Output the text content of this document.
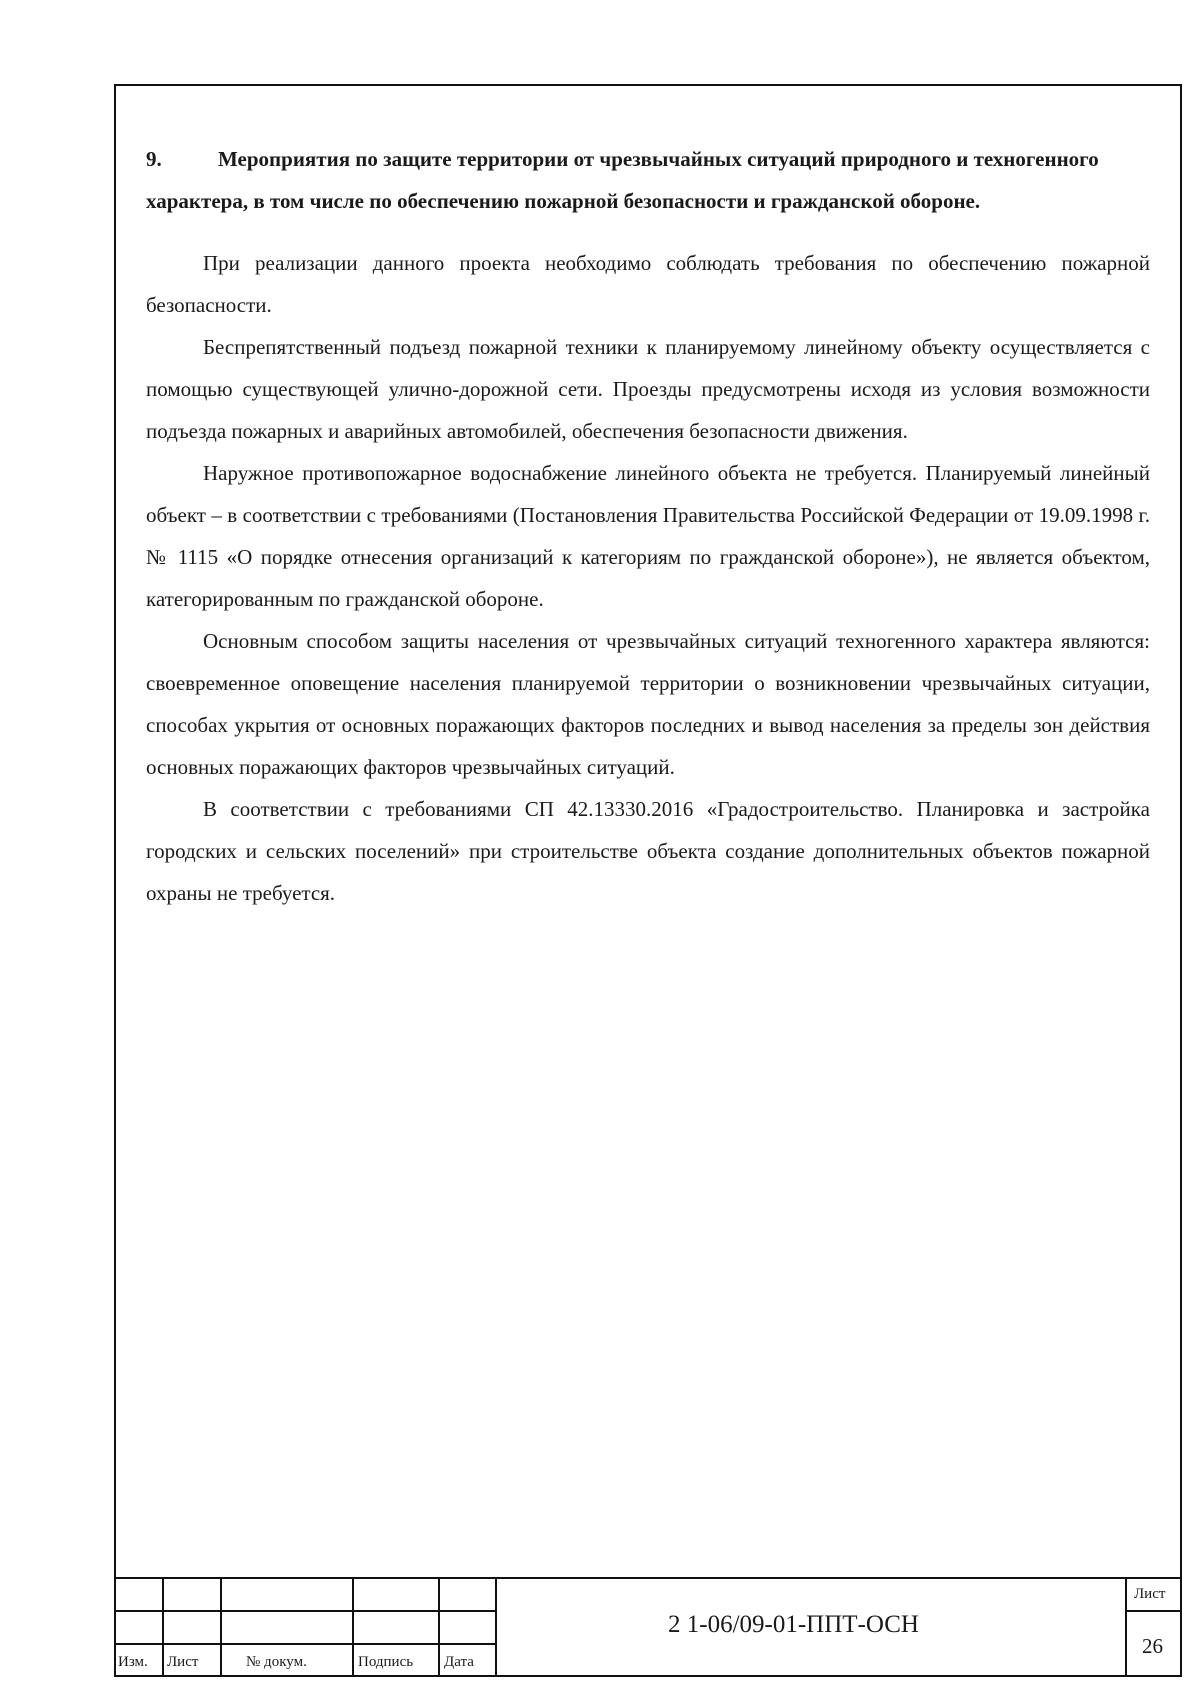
9.	Мероприятия по защите территории от чрезвычайных ситуаций природного и техногенного характера, в том числе по обеспечению пожарной безопасности и гражданской обороне.

При реализации данного проекта необходимо соблюдать требования по обеспечению пожарной безопасности.

Беспрепятственный подъезд пожарной техники к планируемому линейному объекту осуществляется с помощью существующей улично-дорожной сети. Проезды предусмотрены исходя из условия возможности подъезда пожарных и аварийных автомобилей, обеспечения безопасности движения.

Наружное противопожарное водоснабжение линейного объекта не требуется. Планируемый линейный объект – в соответствии с требованиями (Постановления Правительства Российской Федерации от 19.09.1998 г. № 1115 «О порядке отнесения организаций к категориям по гражданской обороне»), не является объектом, категорированным по гражданской обороне.

Основным способом защиты населения от чрезвычайных ситуаций техногенного характера являются: своевременное оповещение населения планируемой территории о возникновении чрезвычайных ситуации, способах укрытия от основных поражающих факторов последних и вывод населения за пределы зон действия основных поражающих факторов чрезвычайных ситуаций.

В соответствии с требованиями СП 42.13330.2016 «Градостроительство. Планировка и застройка городских и сельских поселений» при строительстве объекта создание дополнительных объектов пожарной охраны не требуется.

Изм. Лист	№ докум.	Подпись Дата
2 1-06/09-01-ППТ-ОСН
Лист
26
